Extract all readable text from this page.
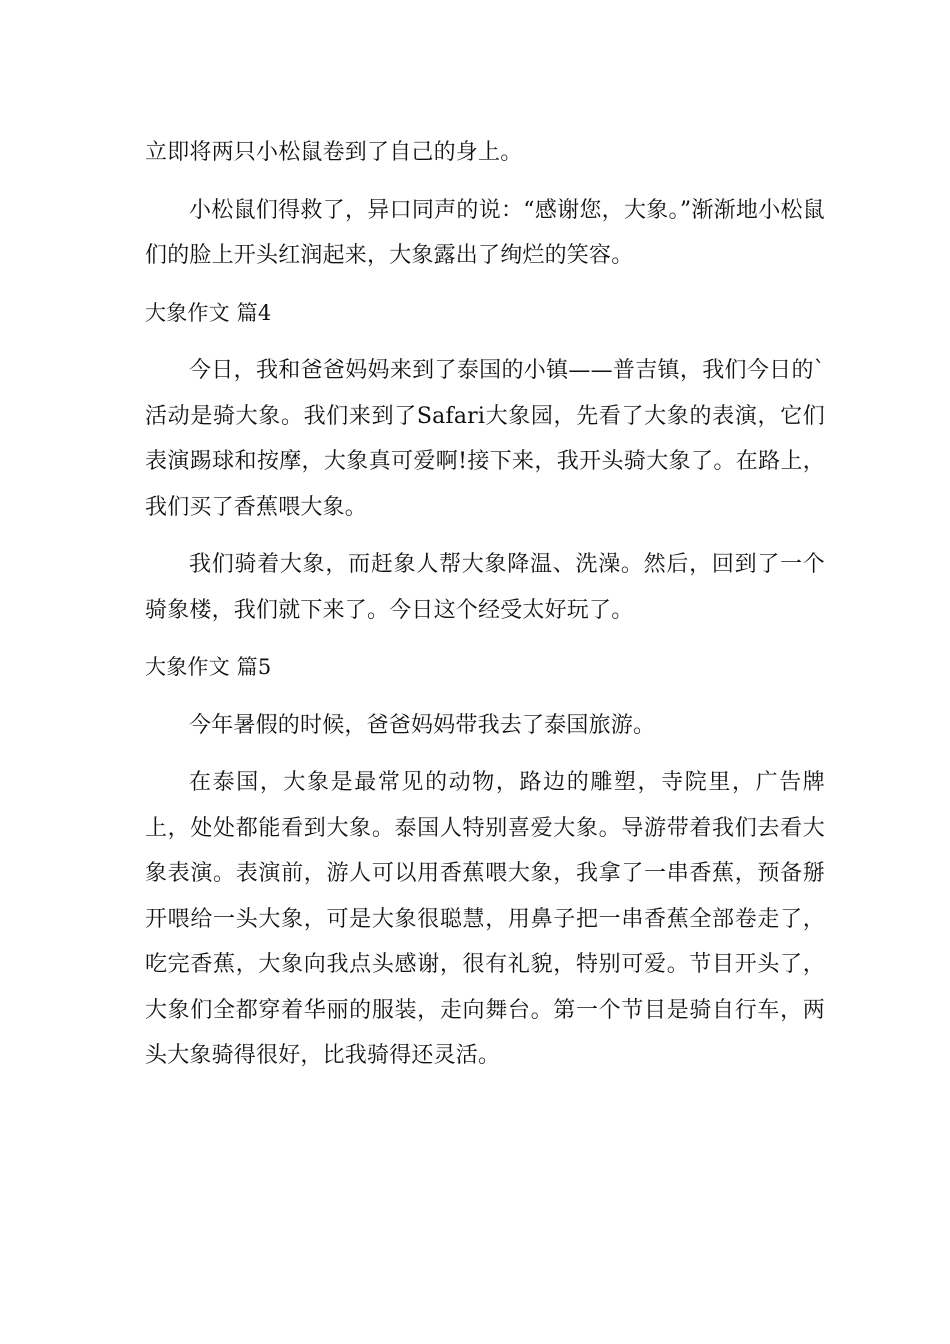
立即将两只小松鼠卷到了自己的身上。

小松鼠们得救了，异口同声的说：“感谢您，大象。”渐渐地小松鼠们的脸上开头红润起来，大象露出了绚烂的笑容。

大象作文 篇4

今日，我和爸爸妈妈来到了泰国的小镇——普吉镇，我们今日的`活动是骑大象。我们来到了Safari大象园，先看了大象的表演，它们表演踢球和按摩，大象真可爱啊!接下来，我开头骑大象了。在路上，我们买了香蕉喂大象。

我们骑着大象，而赶象人帮大象降温、洗澡。然后，回到了一个骑象楼，我们就下来了。今日这个经受太好玩了。

大象作文 篇5

今年暑假的时候，爸爸妈妈带我去了泰国旅游。

在泰国，大象是最常见的动物，路边的雕塑，寺院里，广告牌上，处处都能看到大象。泰国人特别喜爱大象。导游带着我们去看大象表演。表演前，游人可以用香蕉喂大象，我拿了一串香蕉，预备掰开喂给一头大象，可是大象很聪慧，用鼻子把一串香蕉全部卷走了，吃完香蕉，大象向我点头感谢，很有礼貌，特别可爱。节目开头了，大象们全都穿着华丽的服装，走向舞台。第一个节目是骑自行车，两头大象骑得很好，比我骑得还灵活。
